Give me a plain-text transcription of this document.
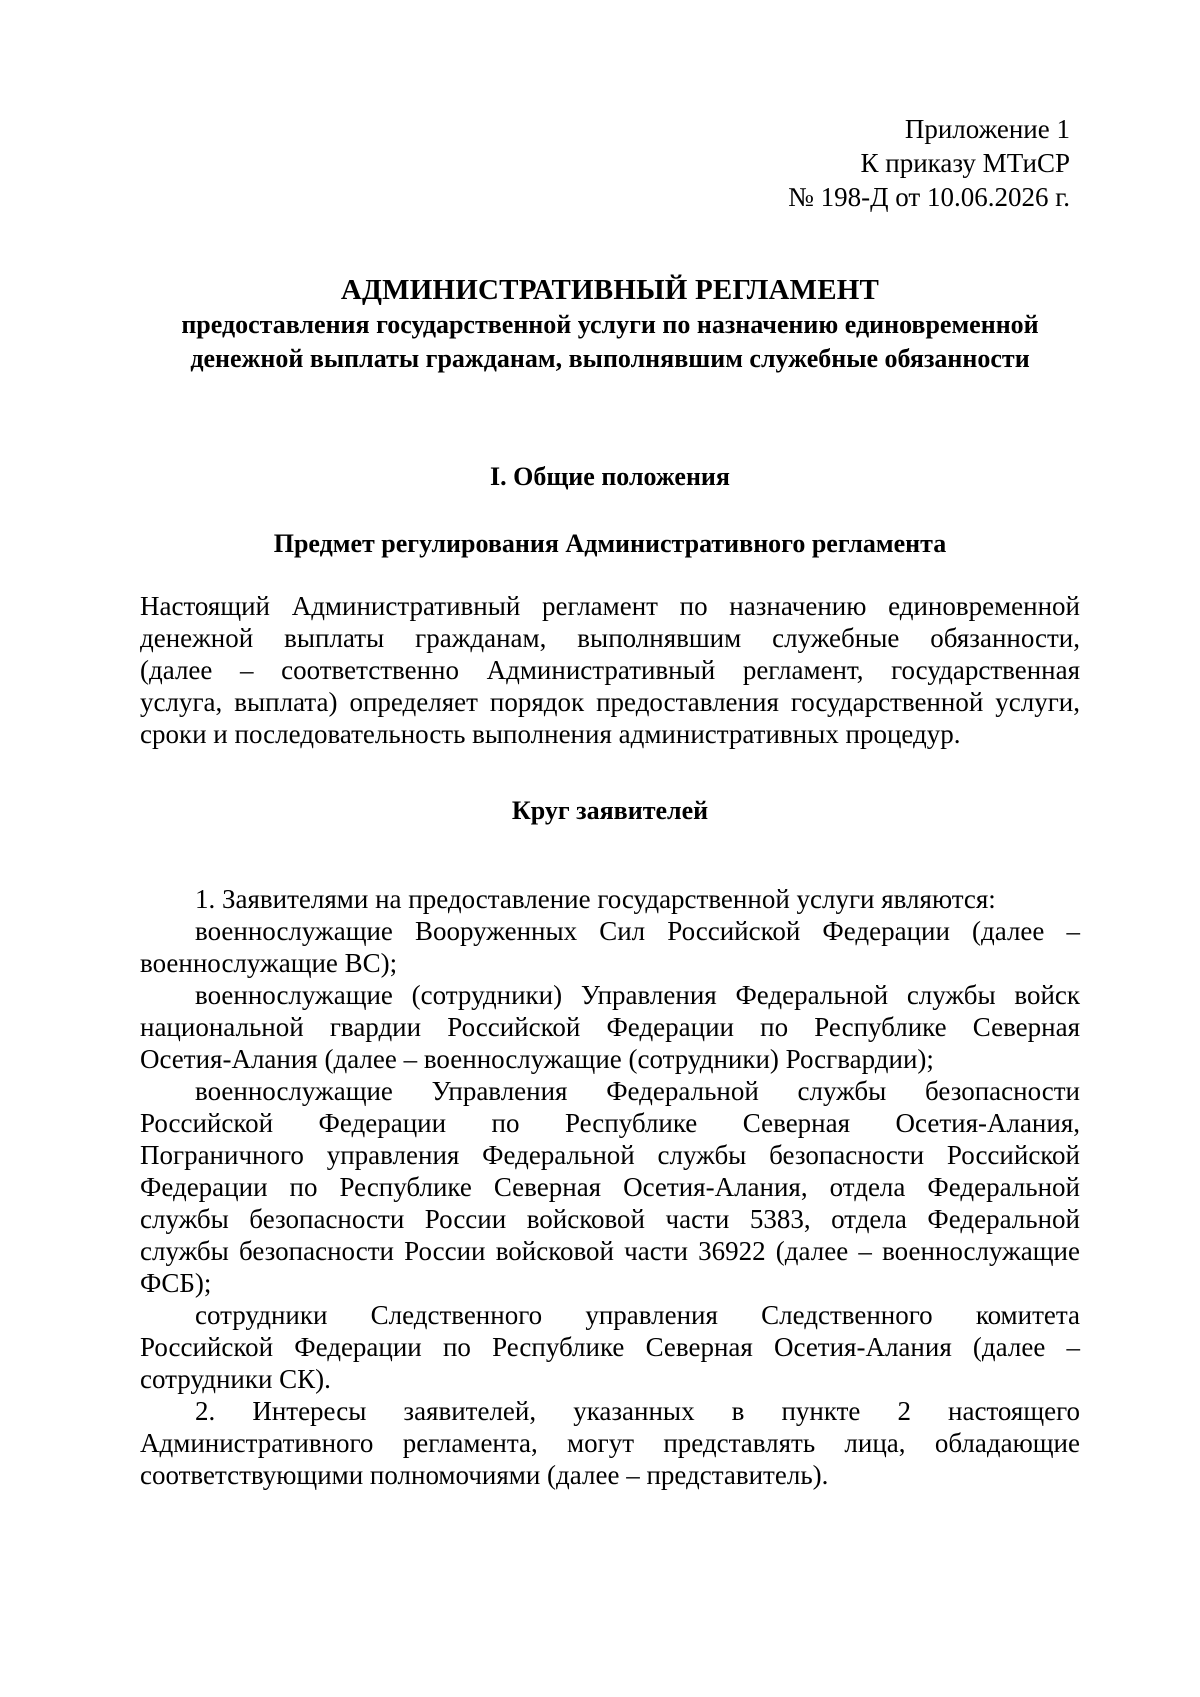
Приложение 1
К приказу МТиСР
№ 198-Д от 10.06.2026 г.
АДМИНИСТРАТИВНЫЙ РЕГЛАМЕНТ
предоставления государственной услуги по назначению единовременной
денежной выплаты гражданам, выполнявшим служебные обязанности
I. Общие положения
Предмет регулирования Административного регламента
Настоящий Административный регламент по назначению единовременной
денежной выплаты гражданам, выполнявшим служебные обязанности,
(далее – соответственно Административный регламент, государственная
услуга, выплата) определяет порядок предоставления государственной услуги,
сроки и последовательность выполнения административных процедур.
Круг заявителей
1. Заявителями на предоставление государственной услуги являются:
военнослужащие Вооруженных Сил Российской Федерации (далее –
военнослужащие ВС);
военнослужащие (сотрудники) Управления Федеральной службы войск
национальной гвардии Российской Федерации по Республике Северная
Осетия-Алания (далее – военнослужащие (сотрудники) Росгвардии);
военнослужащие Управления Федеральной службы безопасности
Российской Федерации по Республике Северная Осетия-Алания,
Пограничного управления Федеральной службы безопасности Российской
Федерации по Республике Северная Осетия-Алания, отдела Федеральной
службы безопасности России войсковой части 5383, отдела Федеральной
службы безопасности России войсковой части 36922 (далее – военнослужащие
ФСБ);
сотрудники Следственного управления Следственного комитета
Российской Федерации по Республике Северная Осетия-Алания (далее –
сотрудники СК).
2. Интересы заявителей, указанных в пункте 2 настоящего
Административного регламента, могут представлять лица, обладающие
соответствующими полномочиями (далее – представитель).
